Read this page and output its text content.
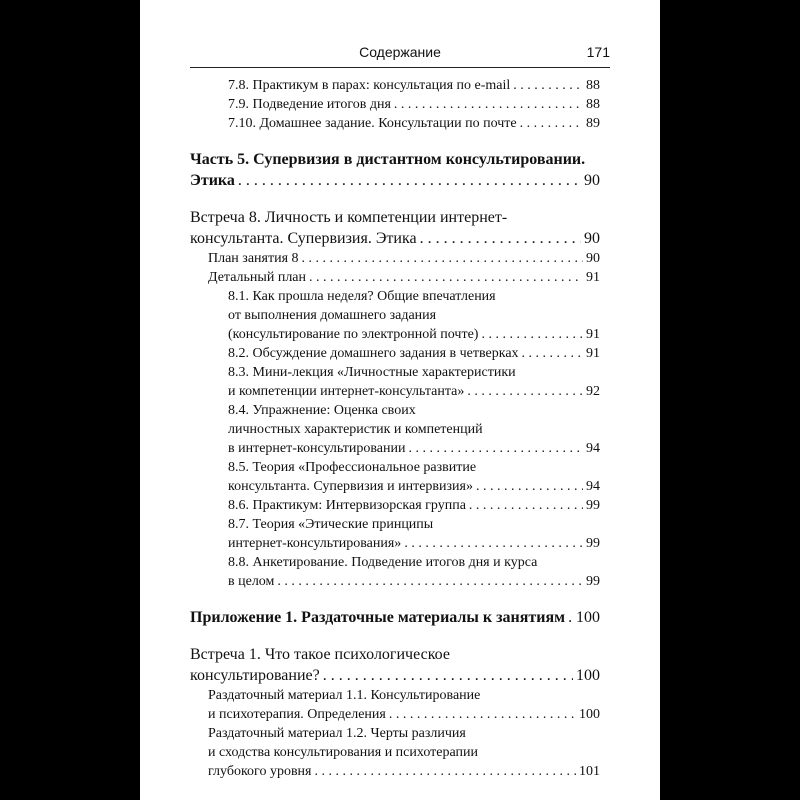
Содержание	171
7.8. Практикум в парах: консультация по e-mail . . .	88
7.9. Подведение итогов дня . . .	88
7.10. Домашнее задание. Консультации по почте . . .	89
Часть 5. Супервизия в дистантном консультировании.
Этика . . .	90
Встреча 8. Личность и компетенции интернет-
консультанта. Супервизия. Этика . . .	90
План занятия 8 . . .	90
Детальный план . . .	91
8.1. Как прошла неделя? Общие впечатления
от выполнения домашнего задания
(консультирование по электронной почте) . . .	91
8.2. Обсуждение домашнего задания в четверках . . .	91
8.3. Мини-лекция «Личностные характеристики
и компетенции интернет-консультанта» . . .	92
8.4. Упражнение: Оценка своих
личностных характеристик и компетенций
в интернет-консультировании . . .	94
8.5. Теория «Профессиональное развитие
консультанта. Супервизия и интервизия» . . .	94
8.6. Практикум: Интервизорская группа . . .	99
8.7. Теория «Этические принципы
интернет-консультирования» . . .	99
8.8. Анкетирование. Подведение итогов дня и курса
в целом . . .	99
Приложение 1. Раздаточные материалы к занятиям . . . 100
Встреча 1. Что такое психологическое
консультирование? . . .	100
Раздаточный материал 1.1. Консультирование
и психотерапия. Определения . . .	100
Раздаточный материал 1.2. Черты различия
и сходства консультирования и психотерапии
глубокого уровня . . .	101
